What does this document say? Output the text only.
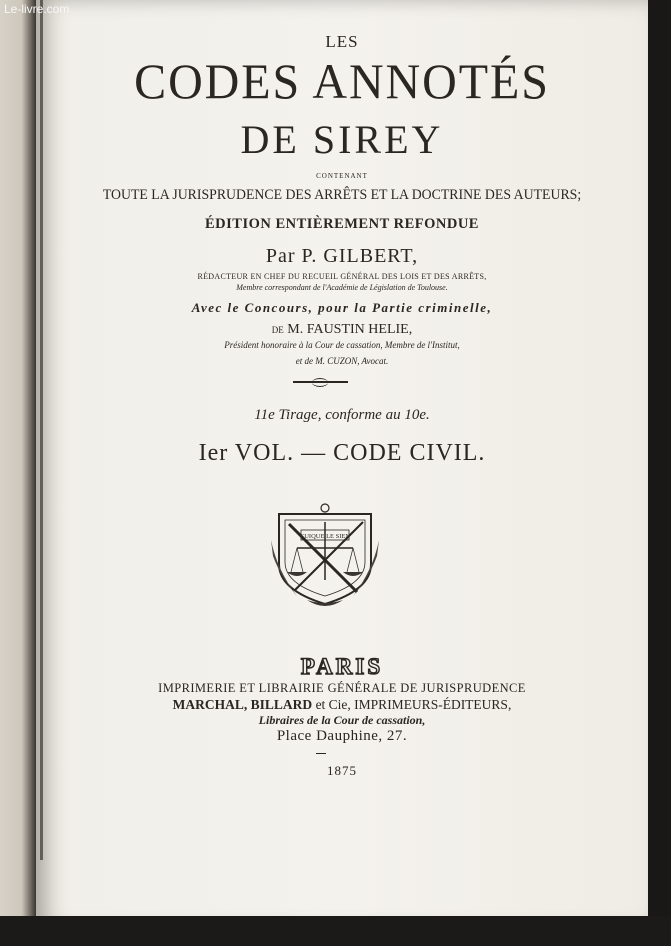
Le-livre.com
LES
CODES ANNOTÉS
DE SIREY
CONTENANT
TOUTE LA JURISPRUDENCE DES ARRÊTS ET LA DOCTRINE DES AUTEURS;
ÉDITION ENTIÈREMENT REFONDUE
Par P. GILBERT,
RÉDACTEUR EN CHEF DU RECUEIL GÉNÉRAL DES LOIS ET DES ARRÊTS,
Membre correspondant de l'Académie de Législation de Toulouse.
Avec le Concours, pour la Partie criminelle,
DE M. FAUSTIN HELIE,
Président honoraire à la Cour de cassation, Membre de l'Institut,
et de M. CUZON, Avocat.
11e Tirage, conforme au 10e.
Ier VOL. — CODE CIVIL.
CUIQUE LE SIEN
PARIS
IMPRIMERIE ET LIBRAIRIE GÉNÉRALE DE JURISPRUDENCE
MARCHAL, BILLARD et Cie, IMPRIMEURS-ÉDITEURS,
Libraires de la Cour de cassation,
Place Dauphine, 27.
1875
